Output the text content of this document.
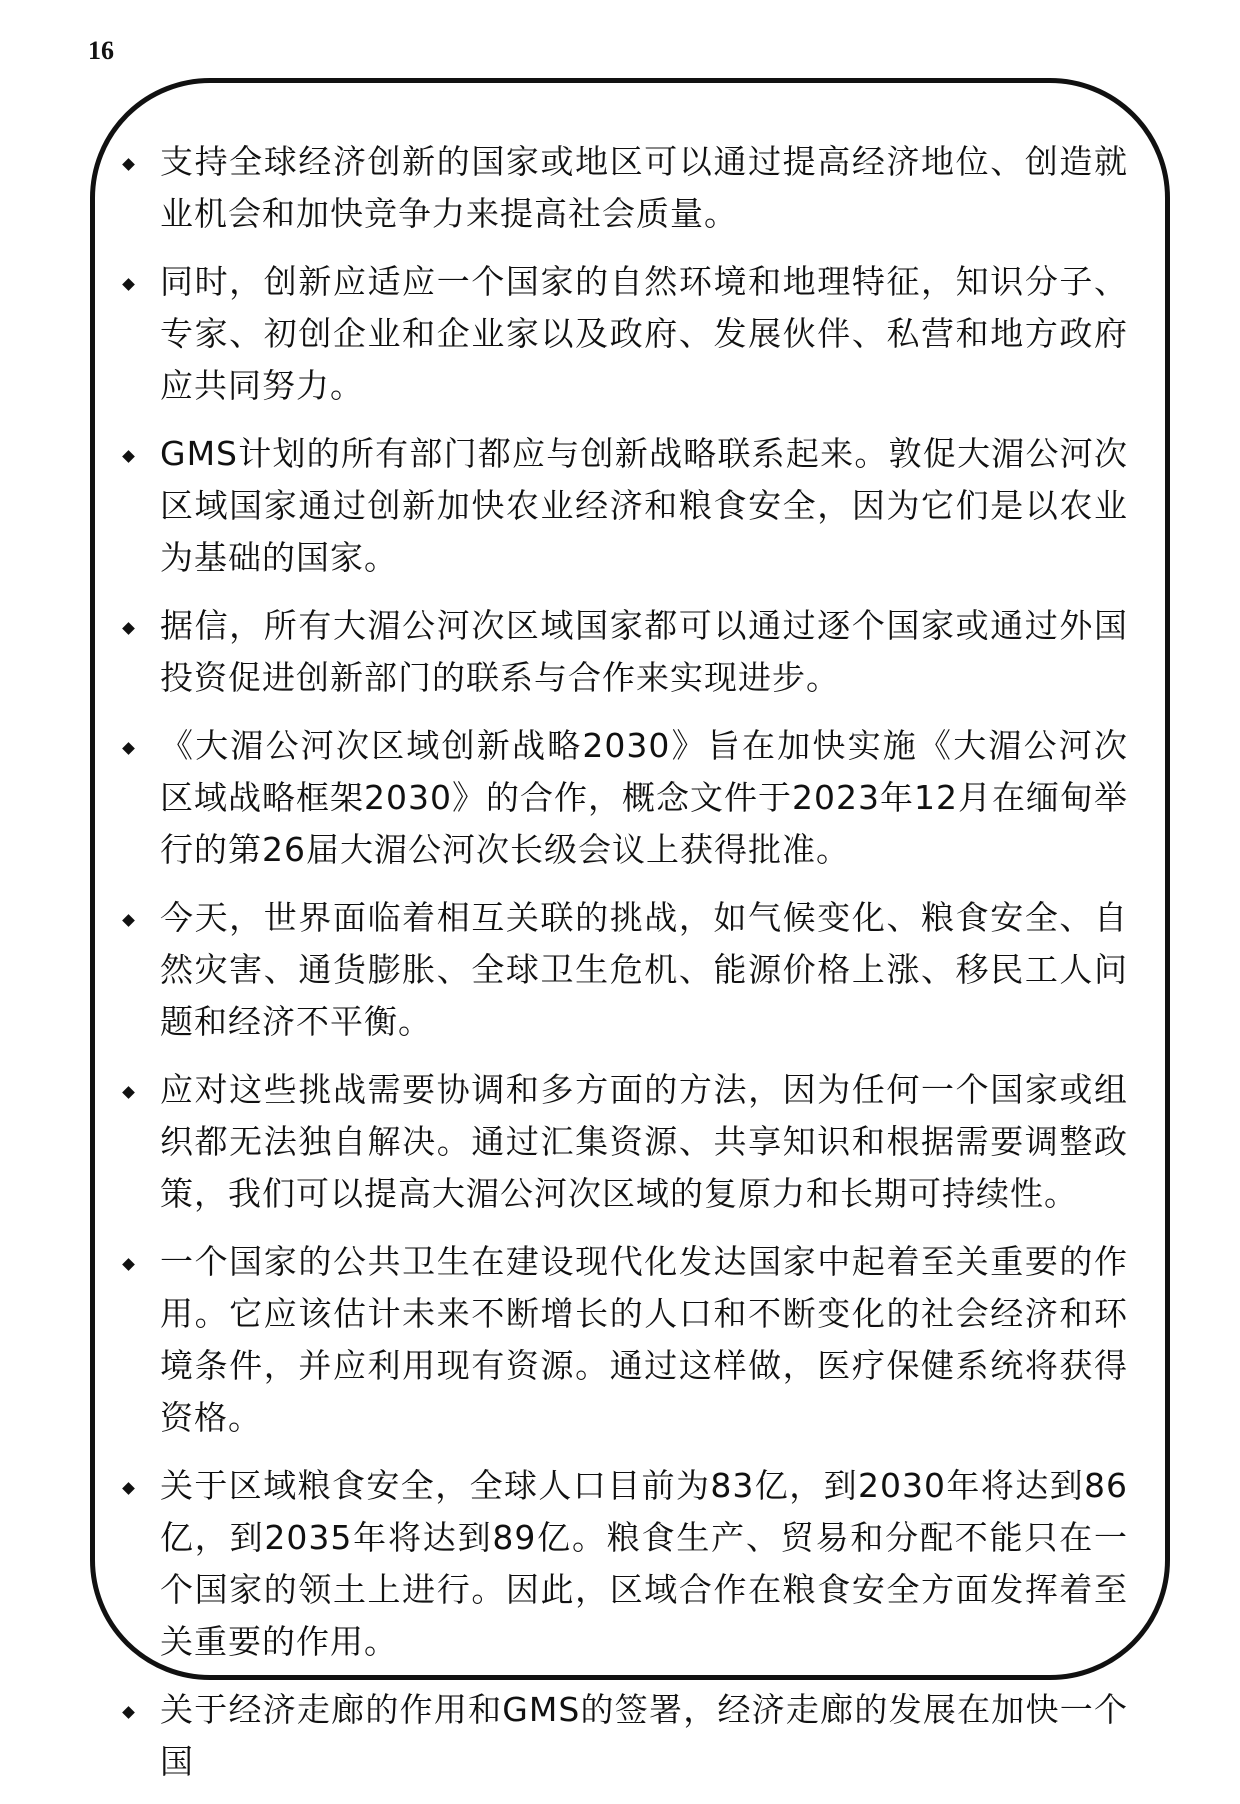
16
支持全球经济创新的国家或地区可以通过提高经济地位、创造就业机会和加快竞争力来提高社会质量。
同时，创新应适应一个国家的自然环境和地理特征，知识分子、专家、初创企业和企业家以及政府、发展伙伴、私营和地方政府应共同努力。
GMS计划的所有部门都应与创新战略联系起来。敦促大湄公河次区域国家通过创新加快农业经济和粮食安全，因为它们是以农业为基础的国家。
据信，所有大湄公河次区域国家都可以通过逐个国家或通过外国投资促进创新部门的联系与合作来实现进步。
《大湄公河次区域创新战略2030》旨在加快实施《大湄公河次区域战略框架2030》的合作，概念文件于2023年12月在缅甸举行的第26届大湄公河次长级会议上获得批准。
今天，世界面临着相互关联的挑战，如气候变化、粮食安全、自然灾害、通货膨胀、全球卫生危机、能源价格上涨、移民工人问题和经济不平衡。
应对这些挑战需要协调和多方面的方法，因为任何一个国家或组织都无法独自解决。通过汇集资源、共享知识和根据需要调整政策，我们可以提高大湄公河次区域的复原力和长期可持续性。
一个国家的公共卫生在建设现代化发达国家中起着至关重要的作用。它应该估计未来不断增长的人口和不断变化的社会经济和环境条件，并应利用现有资源。通过这样做，医疗保健系统将获得资格。
关于区域粮食安全，全球人口目前为83亿，到2030年将达到86亿，到2035年将达到89亿。粮食生产、贸易和分配不能只在一个国家的领土上进行。因此，区域合作在粮食安全方面发挥着至关重要的作用。
关于经济走廊的作用和GMS的签署，经济走廊的发展在加快一个国
